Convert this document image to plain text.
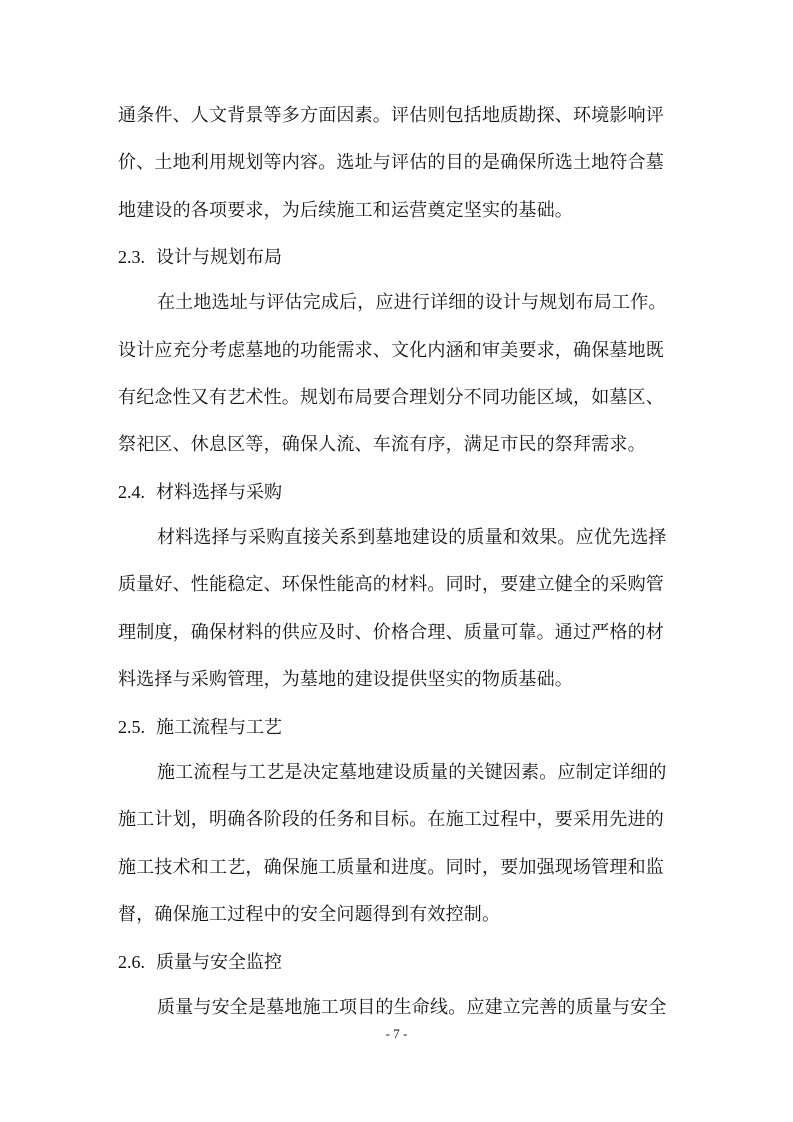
通条件、人文背景等多方面因素。评估则包括地质勘探、环境影响评
价、土地利用规划等内容。选址与评估的目的是确保所选土地符合墓
地建设的各项要求，为后续施工和运营奠定坚实的基础。
2.3. 设计与规划布局
在土地选址与评估完成后，应进行详细的设计与规划布局工作。
设计应充分考虑墓地的功能需求、文化内涵和审美要求，确保墓地既
有纪念性又有艺术性。规划布局要合理划分不同功能区域，如墓区、
祭祀区、休息区等，确保人流、车流有序，满足市民的祭拜需求。
2.4. 材料选择与采购
材料选择与采购直接关系到墓地建设的质量和效果。应优先选择
质量好、性能稳定、环保性能高的材料。同时，要建立健全的采购管
理制度，确保材料的供应及时、价格合理、质量可靠。通过严格的材
料选择与采购管理，为墓地的建设提供坚实的物质基础。
2.5. 施工流程与工艺
施工流程与工艺是决定墓地建设质量的关键因素。应制定详细的
施工计划，明确各阶段的任务和目标。在施工过程中，要采用先进的
施工技术和工艺，确保施工质量和进度。同时，要加强现场管理和监
督，确保施工过程中的安全问题得到有效控制。
2.6. 质量与安全监控
质量与安全是墓地施工项目的生命线。应建立完善的质量与安全
- 7 -
